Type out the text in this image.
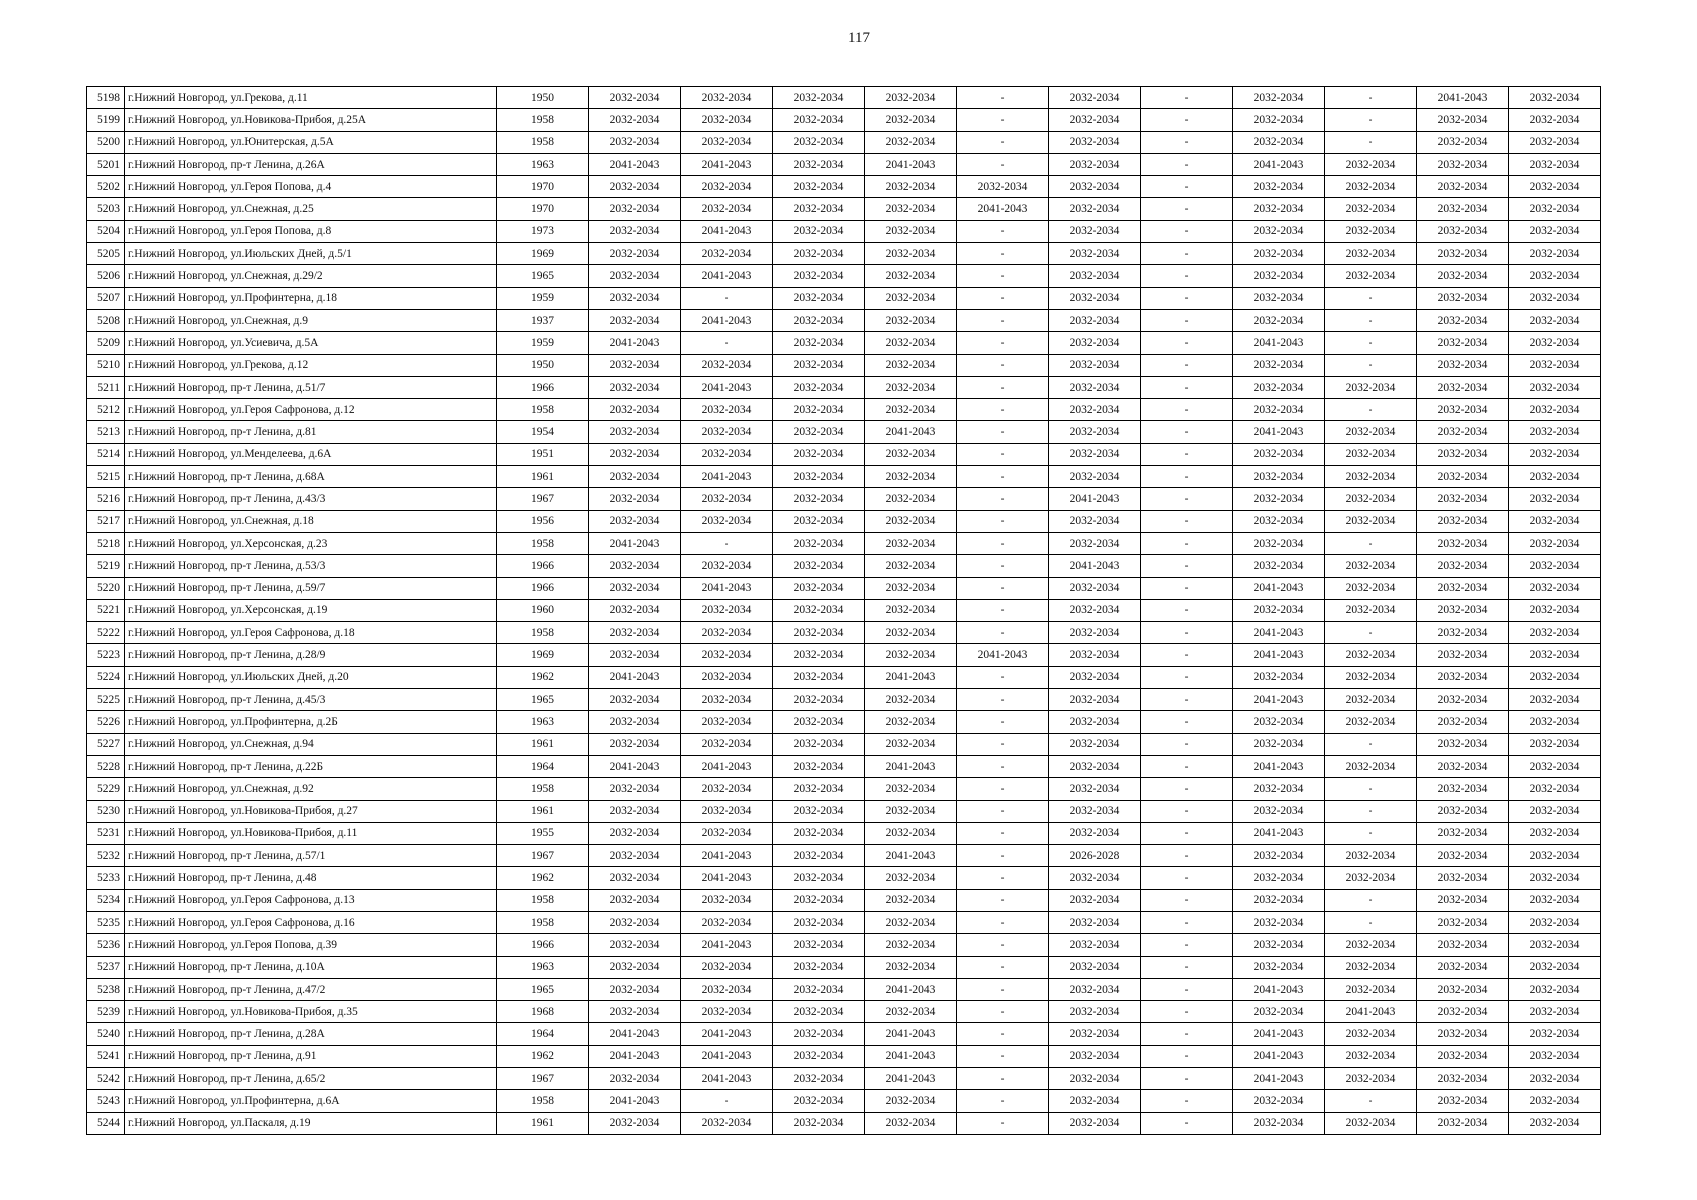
117
5198	г.Нижний Новгород, ул.Грекова, д.11	1950	2032-2034	2032-2034	2032-2034	2032-2034	-	2032-2034	-	2032-2034	-	2041-2043	2032-2034
5199	г.Нижний Новгород, ул.Новикова-Прибоя, д.25А	1958	2032-2034	2032-2034	2032-2034	2032-2034	-	2032-2034	-	2032-2034	-	2032-2034	2032-2034
5200	г.Нижний Новгород, ул.Юнитерская, д.5А	1958	2032-2034	2032-2034	2032-2034	2032-2034	-	2032-2034	-	2032-2034	-	2032-2034	2032-2034
5201	г.Нижний Новгород, пр-т Ленина, д.26А	1963	2041-2043	2041-2043	2032-2034	2041-2043	-	2032-2034	-	2041-2043	2032-2034	2032-2034	2032-2034
5202	г.Нижний Новгород, ул.Героя Попова, д.4	1970	2032-2034	2032-2034	2032-2034	2032-2034	2032-2034	2032-2034	-	2032-2034	2032-2034	2032-2034	2032-2034
5203	г.Нижний Новгород, ул.Снежная, д.25	1970	2032-2034	2032-2034	2032-2034	2032-2034	2041-2043	2032-2034	-	2032-2034	2032-2034	2032-2034	2032-2034
5204	г.Нижний Новгород, ул.Героя Попова, д.8	1973	2032-2034	2041-2043	2032-2034	2032-2034	-	2032-2034	-	2032-2034	2032-2034	2032-2034	2032-2034
5205	г.Нижний Новгород, ул.Июльских Дней, д.5/1	1969	2032-2034	2032-2034	2032-2034	2032-2034	-	2032-2034	-	2032-2034	2032-2034	2032-2034	2032-2034
5206	г.Нижний Новгород, ул.Снежная, д.29/2	1965	2032-2034	2041-2043	2032-2034	2032-2034	-	2032-2034	-	2032-2034	2032-2034	2032-2034	2032-2034
5207	г.Нижний Новгород, ул.Профинтерна, д.18	1959	2032-2034	-	2032-2034	2032-2034	-	2032-2034	-	2032-2034	-	2032-2034	2032-2034
5208	г.Нижний Новгород, ул.Снежная, д.9	1937	2032-2034	2041-2043	2032-2034	2032-2034	-	2032-2034	-	2032-2034	-	2032-2034	2032-2034
5209	г.Нижний Новгород, ул.Усиевича, д.5А	1959	2041-2043	-	2032-2034	2032-2034	-	2032-2034	-	2041-2043	-	2032-2034	2032-2034
5210	г.Нижний Новгород, ул.Грекова, д.12	1950	2032-2034	2032-2034	2032-2034	2032-2034	-	2032-2034	-	2032-2034	-	2032-2034	2032-2034
5211	г.Нижний Новгород, пр-т Ленина, д.51/7	1966	2032-2034	2041-2043	2032-2034	2032-2034	-	2032-2034	-	2032-2034	2032-2034	2032-2034	2032-2034
5212	г.Нижний Новгород, ул.Героя Сафронова, д.12	1958	2032-2034	2032-2034	2032-2034	2032-2034	-	2032-2034	-	2032-2034	-	2032-2034	2032-2034
5213	г.Нижний Новгород, пр-т Ленина, д.81	1954	2032-2034	2032-2034	2032-2034	2041-2043	-	2032-2034	-	2041-2043	2032-2034	2032-2034	2032-2034
5214	г.Нижний Новгород, ул.Менделеева, д.6А	1951	2032-2034	2032-2034	2032-2034	2032-2034	-	2032-2034	-	2032-2034	2032-2034	2032-2034	2032-2034
5215	г.Нижний Новгород, пр-т Ленина, д.68А	1961	2032-2034	2041-2043	2032-2034	2032-2034	-	2032-2034	-	2032-2034	2032-2034	2032-2034	2032-2034
5216	г.Нижний Новгород, пр-т Ленина, д.43/3	1967	2032-2034	2032-2034	2032-2034	2032-2034	-	2041-2043	-	2032-2034	2032-2034	2032-2034	2032-2034
5217	г.Нижний Новгород, ул.Снежная, д.18	1956	2032-2034	2032-2034	2032-2034	2032-2034	-	2032-2034	-	2032-2034	2032-2034	2032-2034	2032-2034
5218	г.Нижний Новгород, ул.Херсонская, д.23	1958	2041-2043	-	2032-2034	2032-2034	-	2032-2034	-	2032-2034	-	2032-2034	2032-2034
5219	г.Нижний Новгород, пр-т Ленина, д.53/3	1966	2032-2034	2032-2034	2032-2034	2032-2034	-	2041-2043	-	2032-2034	2032-2034	2032-2034	2032-2034
5220	г.Нижний Новгород, пр-т Ленина, д.59/7	1966	2032-2034	2041-2043	2032-2034	2032-2034	-	2032-2034	-	2041-2043	2032-2034	2032-2034	2032-2034
5221	г.Нижний Новгород, ул.Херсонская, д.19	1960	2032-2034	2032-2034	2032-2034	2032-2034	-	2032-2034	-	2032-2034	2032-2034	2032-2034	2032-2034
5222	г.Нижний Новгород, ул.Героя Сафронова, д.18	1958	2032-2034	2032-2034	2032-2034	2032-2034	-	2032-2034	-	2041-2043	-	2032-2034	2032-2034
5223	г.Нижний Новгород, пр-т Ленина, д.28/9	1969	2032-2034	2032-2034	2032-2034	2032-2034	2041-2043	2032-2034	-	2041-2043	2032-2034	2032-2034	2032-2034
5224	г.Нижний Новгород, ул.Июльских Дней, д.20	1962	2041-2043	2032-2034	2032-2034	2041-2043	-	2032-2034	-	2032-2034	2032-2034	2032-2034	2032-2034
5225	г.Нижний Новгород, пр-т Ленина, д.45/3	1965	2032-2034	2032-2034	2032-2034	2032-2034	-	2032-2034	-	2041-2043	2032-2034	2032-2034	2032-2034
5226	г.Нижний Новгород, ул.Профинтерна, д.2Б	1963	2032-2034	2032-2034	2032-2034	2032-2034	-	2032-2034	-	2032-2034	2032-2034	2032-2034	2032-2034
5227	г.Нижний Новгород, ул.Снежная, д.94	1961	2032-2034	2032-2034	2032-2034	2032-2034	-	2032-2034	-	2032-2034	-	2032-2034	2032-2034
5228	г.Нижний Новгород, пр-т Ленина, д.22Б	1964	2041-2043	2041-2043	2032-2034	2041-2043	-	2032-2034	-	2041-2043	2032-2034	2032-2034	2032-2034
5229	г.Нижний Новгород, ул.Снежная, д.92	1958	2032-2034	2032-2034	2032-2034	2032-2034	-	2032-2034	-	2032-2034	-	2032-2034	2032-2034
5230	г.Нижний Новгород, ул.Новикова-Прибоя, д.27	1961	2032-2034	2032-2034	2032-2034	2032-2034	-	2032-2034	-	2032-2034	-	2032-2034	2032-2034
5231	г.Нижний Новгород, ул.Новикова-Прибоя, д.11	1955	2032-2034	2032-2034	2032-2034	2032-2034	-	2032-2034	-	2041-2043	-	2032-2034	2032-2034
5232	г.Нижний Новгород, пр-т Ленина, д.57/1	1967	2032-2034	2041-2043	2032-2034	2041-2043	-	2026-2028	-	2032-2034	2032-2034	2032-2034	2032-2034
5233	г.Нижний Новгород, пр-т Ленина, д.48	1962	2032-2034	2041-2043	2032-2034	2032-2034	-	2032-2034	-	2032-2034	2032-2034	2032-2034	2032-2034
5234	г.Нижний Новгород, ул.Героя Сафронова, д.13	1958	2032-2034	2032-2034	2032-2034	2032-2034	-	2032-2034	-	2032-2034	-	2032-2034	2032-2034
5235	г.Нижний Новгород, ул.Героя Сафронова, д.16	1958	2032-2034	2032-2034	2032-2034	2032-2034	-	2032-2034	-	2032-2034	-	2032-2034	2032-2034
5236	г.Нижний Новгород, ул.Героя Попова, д.39	1966	2032-2034	2041-2043	2032-2034	2032-2034	-	2032-2034	-	2032-2034	2032-2034	2032-2034	2032-2034
5237	г.Нижний Новгород, пр-т Ленина, д.10А	1963	2032-2034	2032-2034	2032-2034	2032-2034	-	2032-2034	-	2032-2034	2032-2034	2032-2034	2032-2034
5238	г.Нижний Новгород, пр-т Ленина, д.47/2	1965	2032-2034	2032-2034	2032-2034	2041-2043	-	2032-2034	-	2041-2043	2032-2034	2032-2034	2032-2034
5239	г.Нижний Новгород, ул.Новикова-Прибоя, д.35	1968	2032-2034	2032-2034	2032-2034	2032-2034	-	2032-2034	-	2032-2034	2041-2043	2032-2034	2032-2034
5240	г.Нижний Новгород, пр-т Ленина, д.28А	1964	2041-2043	2041-2043	2032-2034	2041-2043	-	2032-2034	-	2041-2043	2032-2034	2032-2034	2032-2034
5241	г.Нижний Новгород, пр-т Ленина, д.91	1962	2041-2043	2041-2043	2032-2034	2041-2043	-	2032-2034	-	2041-2043	2032-2034	2032-2034	2032-2034
5242	г.Нижний Новгород, пр-т Ленина, д.65/2	1967	2032-2034	2041-2043	2032-2034	2041-2043	-	2032-2034	-	2041-2043	2032-2034	2032-2034	2032-2034
5243	г.Нижний Новгород, ул.Профинтерна, д.6А	1958	2041-2043	-	2032-2034	2032-2034	-	2032-2034	-	2032-2034	-	2032-2034	2032-2034
5244	г.Нижний Новгород, ул.Паскаля, д.19	1961	2032-2034	2032-2034	2032-2034	2032-2034	-	2032-2034	-	2032-2034	2032-2034	2032-2034	2032-2034
